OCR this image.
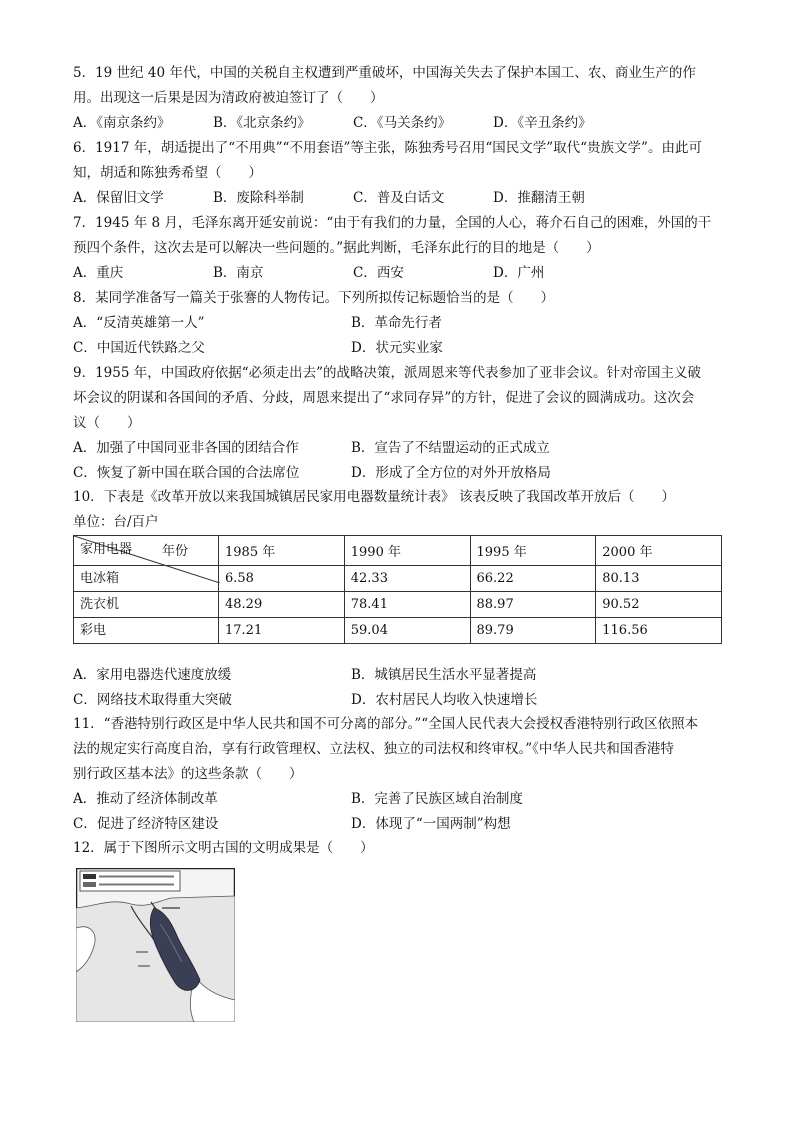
5．19 世纪 40 年代，中国的关税自主权遭到严重破坏，中国海关失去了保护本国工、农、商业生产的作
用。出现这一后果是因为清政府被迫签订了（　　）
A．《南京条约》	B．《北京条约》	C．《马关条约》	D．《辛丑条约》
6．1917 年，胡适提出了“不用典”“不用套语”等主张，陈独秀号召用“国民文学”取代“贵族文学”。由此可
知，胡适和陈独秀希望（　　）
A．保留旧文学	B．废除科举制	C．普及白话文	D．推翻清王朝
7．1945 年 8 月，毛泽东离开延安前说：“由于有我们的力量，全国的人心，蒋介石自己的困难，外国的干
预四个条件，这次去是可以解决一些问题的。”据此判断，毛泽东此行的目的地是（　　）
A．重庆	B．南京	C．西安	D．广州
8．某同学准备写一篇关于张謇的人物传记。下列所拟传记标题恰当的是（　　）
A．“反清英雄第一人”	B．革命先行者
C．中国近代铁路之父	D．状元实业家
9．1955 年，中国政府依据“必须走出去”的战略决策，派周恩来等代表参加了亚非会议。针对帝国主义破
坏会议的阴谋和各国间的矛盾、分歧，周恩来提出了“求同存异”的方针，促进了会议的圆满成功。这次会
议（　　）
A．加强了中国同亚非各国的团结合作	B．宣告了不结盟运动的正式成立
C．恢复了新中国在联合国的合法席位	D．形成了全方位的对外开放格局
10．下表是《改革开放以来我国城镇居民家用电器数量统计表》 该表反映了我国改革开放后（　　）
单位：台/百户
年份
家用电器	1985 年	1990 年	1995 年	2000 年
电冰箱	6.58	42.33	66.22	80.13
洗衣机	48.29	78.41	88.97	90.52
彩电	17.21	59.04	89.79	116.56
A．家用电器迭代速度放缓	B．城镇居民生活水平显著提高
C．网络技术取得重大突破	D．农村居民人均收入快速增长
11．“香港特别行政区是中华人民共和国不可分离的部分。”“全国人民代表大会授权香港特别行政区依照本
法的规定实行高度自治，享有行政管理权、立法权、独立的司法权和终审权。”《中华人民共和国香港特
别行政区基本法》的这些条款（　　）
A．推动了经济体制改革	B．完善了民族区域自治制度
C．促进了经济特区建设	D．体现了“一国两制”构想
12．属于下图所示文明古国的文明成果是（　　）
